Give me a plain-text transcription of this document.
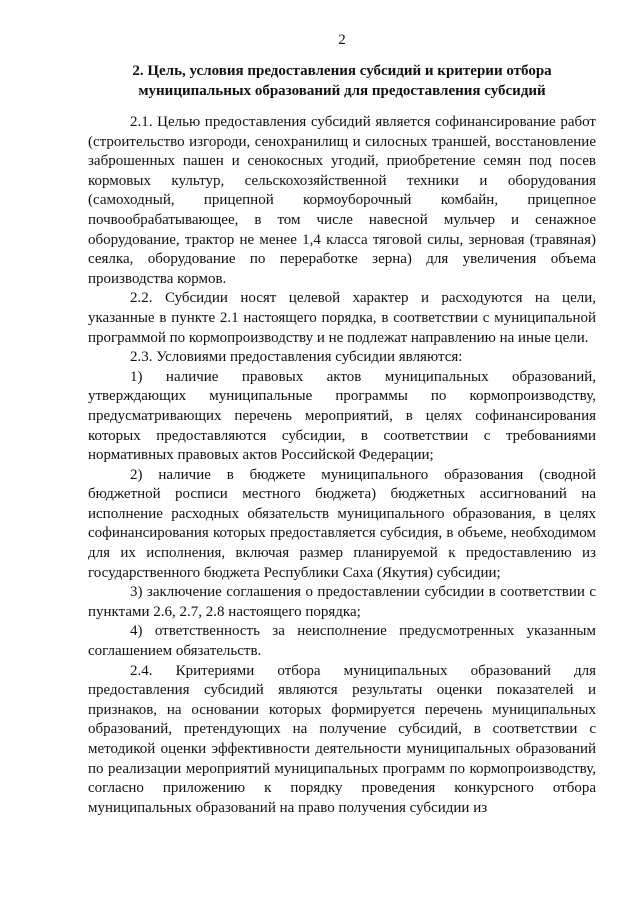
2
2. Цель, условия предоставления субсидий и критерии отбора
муниципальных образований для предоставления субсидий

2.1. Целью предоставления субсидий является софинансирование работ (строительство изгороди, сенохранилищ и силосных траншей, восстановление заброшенных пашен и сенокосных угодий, приобретение семян под посев кормовых культур, сельскохозяйственной техники и оборудования (самоходный, прицепной кормоуборочный комбайн, прицепное почвообрабатывающее, в том числе навесной мульчер и сенажное оборудование, трактор не менее 1,4 класса тяговой силы, зерновая (травяная) сеялка, оборудование по переработке зерна) для увеличения объема производства кормов.

2.2. Субсидии носят целевой характер и расходуются на цели, указанные в пункте 2.1 настоящего порядка, в соответствии с муниципальной программой по кормопроизводству и не подлежат направлению на иные цели.

2.3. Условиями предоставления субсидии являются:

1) наличие правовых актов муниципальных образований, утверждающих муниципальные программы по кормопроизводству, предусматривающих перечень мероприятий, в целях софинансирования которых предоставляются субсидии, в соответствии с требованиями нормативных правовых актов Российской Федерации;

2) наличие в бюджете муниципального образования (сводной бюджетной росписи местного бюджета) бюджетных ассигнований на исполнение расходных обязательств муниципального образования, в целях софинансирования которых предоставляется субсидия, в объеме, необходимом для их исполнения, включая размер планируемой к предоставлению из государственного бюджета Республики Саха (Якутия) субсидии;

3) заключение соглашения о предоставлении субсидии в соответствии с пунктами 2.6, 2.7, 2.8 настоящего порядка;

4) ответственность за неисполнение предусмотренных указанным соглашением обязательств.

2.4. Критериями отбора муниципальных образований для предоставления субсидий являются результаты оценки показателей и признаков, на основании которых формируется перечень муниципальных образований, претендующих на получение субсидий, в соответствии с методикой оценки эффективности деятельности муниципальных образований по реализации мероприятий муниципальных программ по кормопроизводству, согласно приложению к порядку проведения конкурсного отбора муниципальных образований на право получения субсидии из
